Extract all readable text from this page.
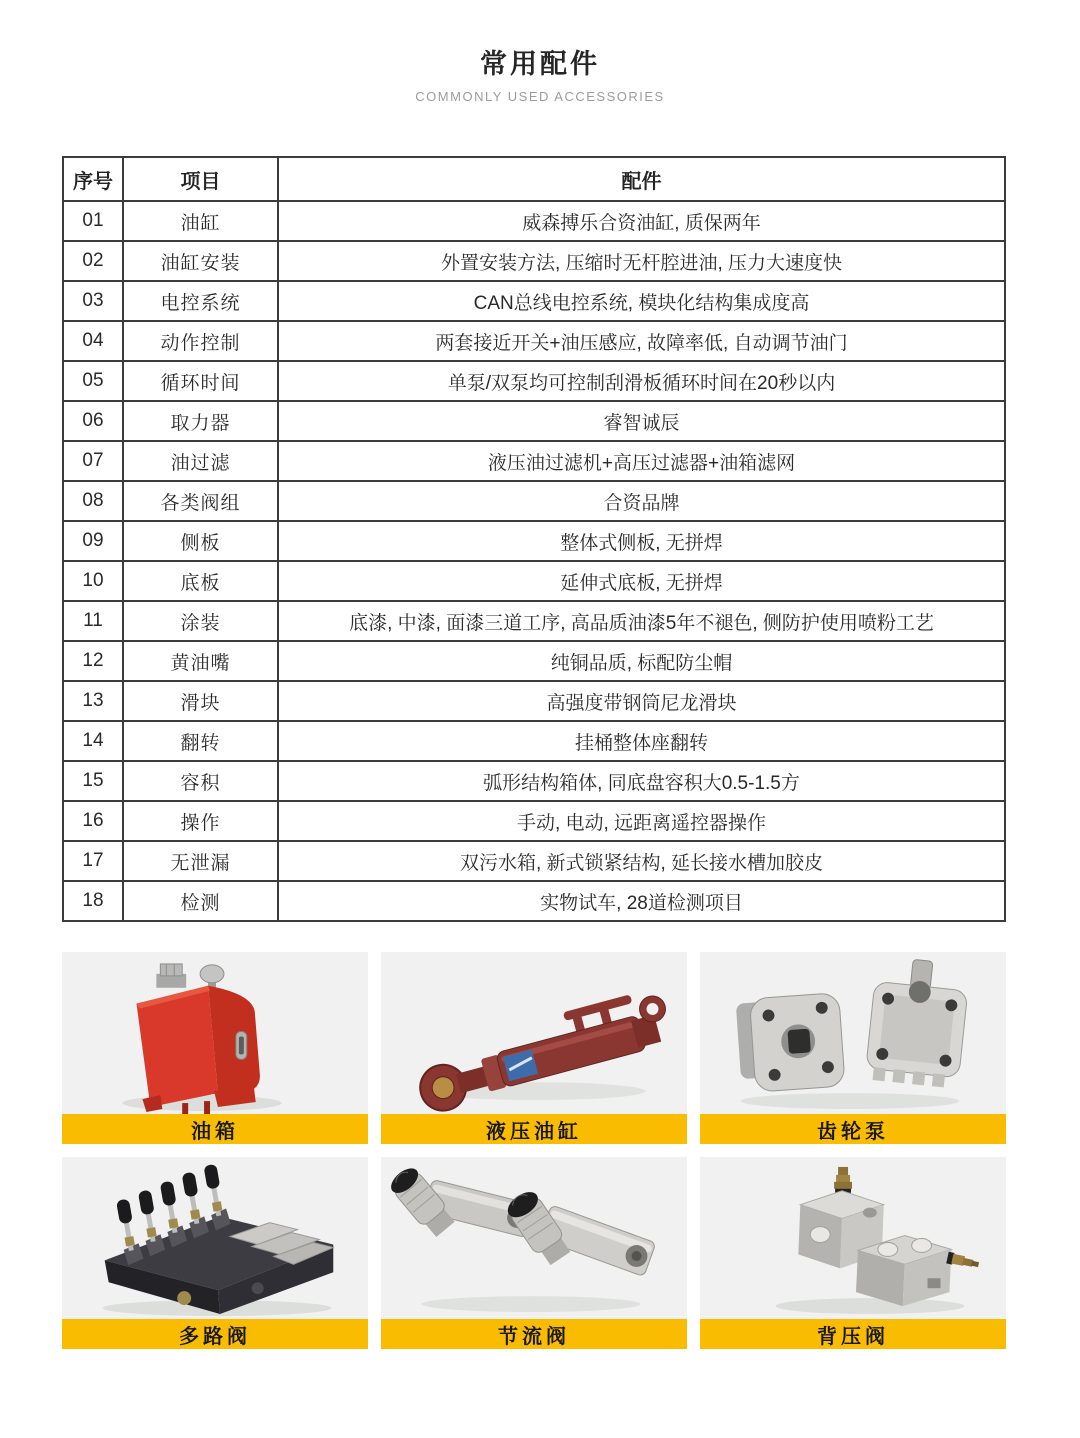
常用配件
COMMONLY USED ACCESSORIES
序号	项目	配件
01	油缸	威森搏乐合资油缸, 质保两年
02	油缸安装	外置安装方法, 压缩时无杆腔进油, 压力大速度快
03	电控系统	CAN总线电控系统, 模块化结构集成度高
04	动作控制	两套接近开关+油压感应, 故障率低, 自动调节油门
05	循环时间	单泵/双泵均可控制刮滑板循环时间在20秒以内
06	取力器	睿智诚辰
07	油过滤	液压油过滤机+高压过滤器+油箱滤网
08	各类阀组	合资品牌
09	侧板	整体式侧板, 无拼焊
10	底板	延伸式底板, 无拼焊
11	涂装	底漆, 中漆, 面漆三道工序, 高品质油漆5年不褪色, 侧防护使用喷粉工艺
12	黄油嘴	纯铜品质, 标配防尘帽
13	滑块	高强度带钢筒尼龙滑块
14	翻转	挂桶整体座翻转
15	容积	弧形结构箱体, 同底盘容积大0.5-1.5方
16	操作	手动, 电动, 远距离遥控器操作
17	无泄漏	双污水箱, 新式锁紧结构, 延长接水槽加胶皮
18	检测	实物试车, 28道检测项目
油箱	液压油缸	齿轮泵
多路阀	节流阀	背压阀
